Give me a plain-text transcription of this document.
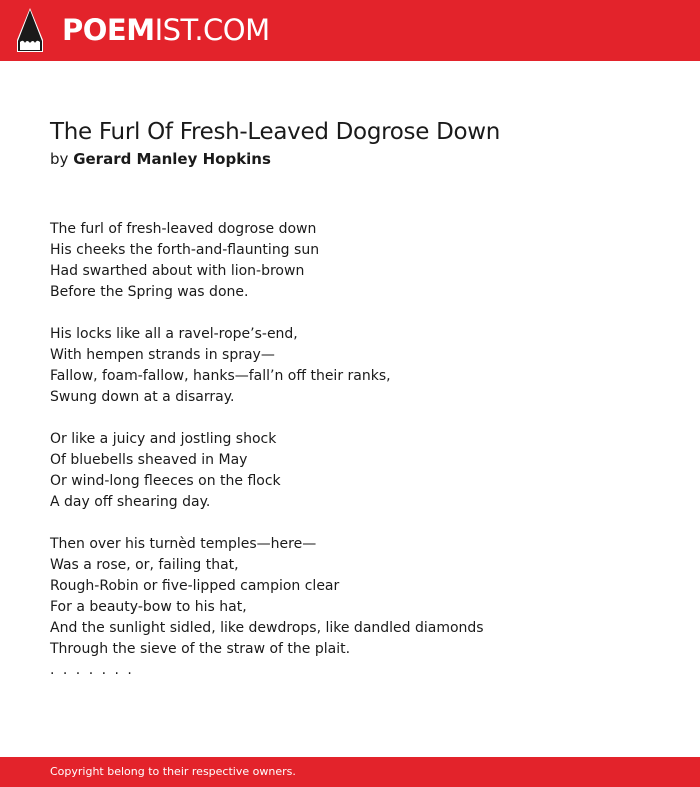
POEMIST.COM
The Furl Of Fresh-Leaved Dogrose Down
by Gerard Manley Hopkins
The furl of fresh-leaved dogrose down
His cheeks the forth-and-flaunting sun
Had swarthed about with lion-brown
Before the Spring was done.
His locks like all a ravel-rope’s-end,
With hempen strands in spray—
Fallow, foam-fallow, hanks—fall’n off their ranks,
Swung down at a disarray.
Or like a juicy and jostling shock
Of bluebells sheaved in May
Or wind-long fleeces on the flock
A day off shearing day.
Then over his turnèd temples—here—
Was a rose, or, failing that,
Rough-Robin or five-lipped campion clear
For a beauty-bow to his hat,
And the sunlight sidled, like dewdrops, like dandled diamonds
Through the sieve of the straw of the plait.
. . . . . . .
Copyright belong to their respective owners.
